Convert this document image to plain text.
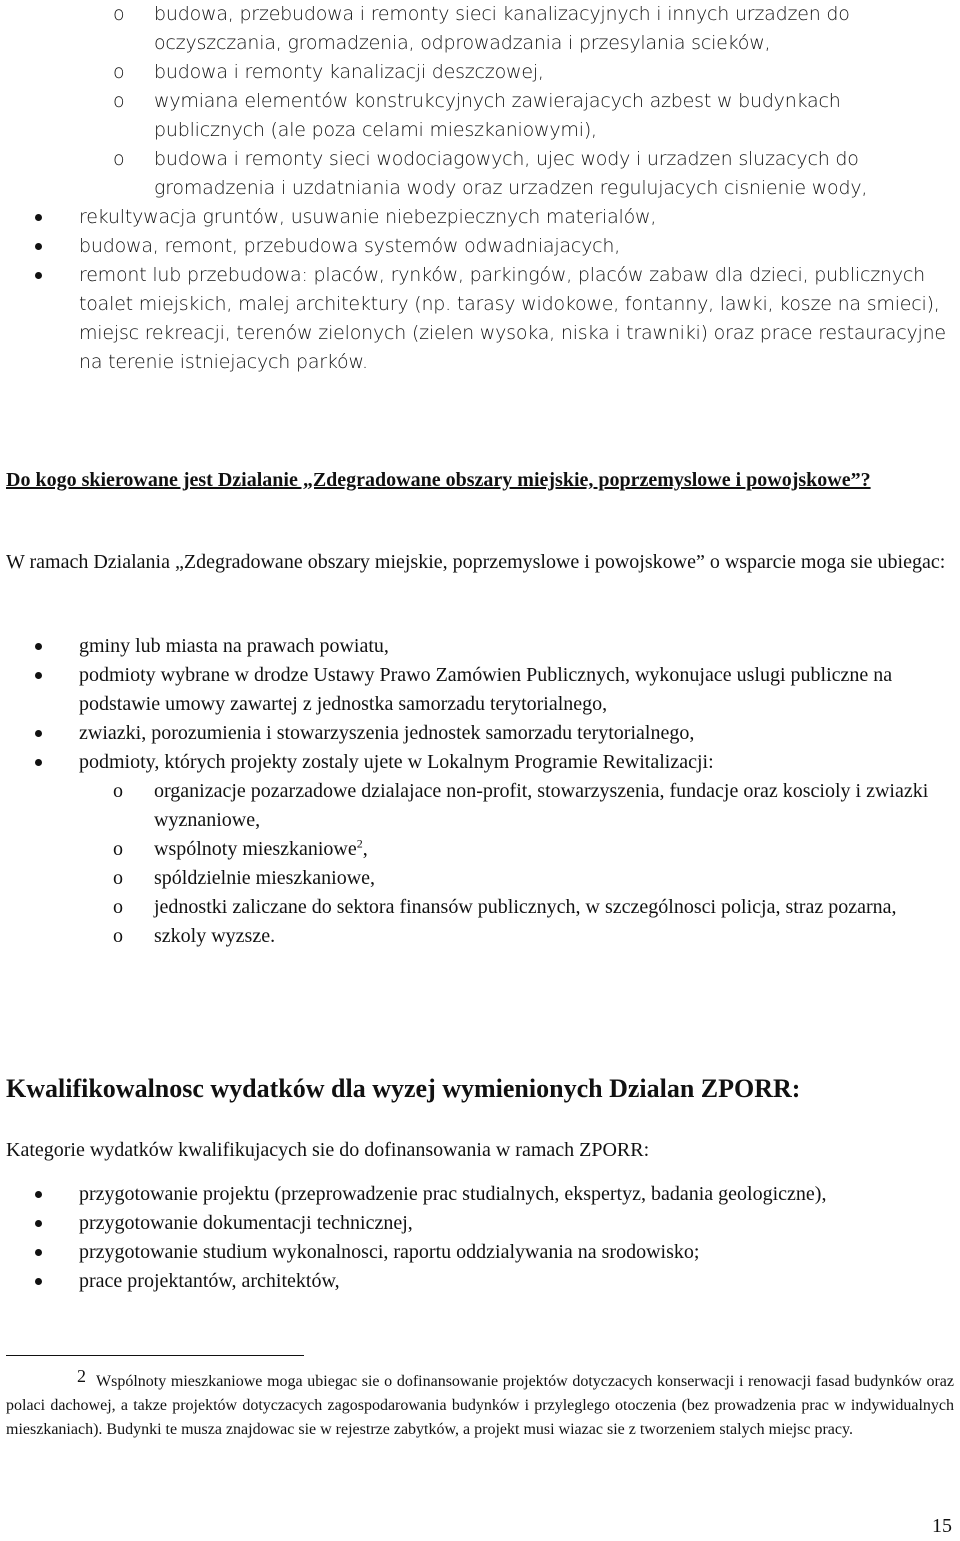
o budowa, przebudowa i remonty sieci kanalizacyjnych i innych urzadzen do oczyszczania, gromadzenia, odprowadzania i przesylania scieków,
o budowa i remonty kanalizacji deszczowej,
o wymiana elementów konstrukcyjnych zawierajacych azbest w budynkach publicznych (ale poza celami mieszkaniowymi),
o budowa i remonty sieci wodociagowych, ujec wody i urzadzen sluzacych do gromadzenia i uzdatniania wody oraz urzadzen regulujacych cisnienie wody,
rekultywacja gruntów, usuwanie niebezpiecznych materialów,
budowa, remont, przebudowa systemów odwadniajacych,
remont lub przebudowa: placów, rynków, parkingów, placów zabaw dla dzieci, publicznych toalet miejskich, malej architektury (np. tarasy widokowe, fontanny, lawki, kosze na smieci), miejsc rekreacji, terenów zielonych (zielen wysoka, niska i trawniki) oraz prace restauracyjne na terenie istniejacych parków.
Do kogo skierowane jest Dzialanie „Zdegradowane obszary miejskie, poprzemyslowe i powojskowe”?
W ramach Dzialania „Zdegradowane obszary miejskie, poprzemyslowe i powojskowe” o wsparcie moga sie ubiegac:
gminy lub miasta na prawach powiatu,
podmioty wybrane w drodze Ustawy Prawo Zamówien Publicznych, wykonujace uslugi publiczne na podstawie umowy zawartej z jednostka samorzadu terytorialnego,
zwiazki, porozumienia i stowarzyszenia jednostek samorzadu terytorialnego,
podmioty, których projekty zostaly ujete w Lokalnym Programie Rewitalizacji:
o organizacje pozarzadowe dzialajace non-profit, stowarzyszenia, fundacje oraz koscioly i zwiazki wyznaniowe,
o wspólnoty mieszkaniowe$^2$,
o spóldzielnie mieszkaniowe,
o jednostki zaliczane do sektora finansów publicznych, w szczególnosci policja, straz pozarna,
o szkoly wyzsze.
Kwalifikowalnosc wydatków dla wyzej wymienionych Dzialan ZPORR:
Kategorie wydatków kwalifikujacych sie do dofinansowania w ramach ZPORR:
przygotowanie projektu (przeprowadzenie prac studialnych, ekspertyz, badania geologiczne),
przygotowanie dokumentacji technicznej,
przygotowanie studium wykonalnosci, raportu oddzialywania na srodowisko;
prace projektantów, architektów,
2 Wspólnoty mieszkaniowe moga ubiegac sie o dofinansowanie projektów dotyczacych konserwacji i renowacji fasad budynków oraz polaci dachowej, a takze projektów dotyczacych zagospodarowania budynków i przyleglego otoczenia (bez prowadzenia prac w indywidualnych mieszkaniach). Budynki te musza znajdowac sie w rejestrze zabytków, a projekt musi wiazac sie z tworzeniem stalych miejsc pracy.
15
